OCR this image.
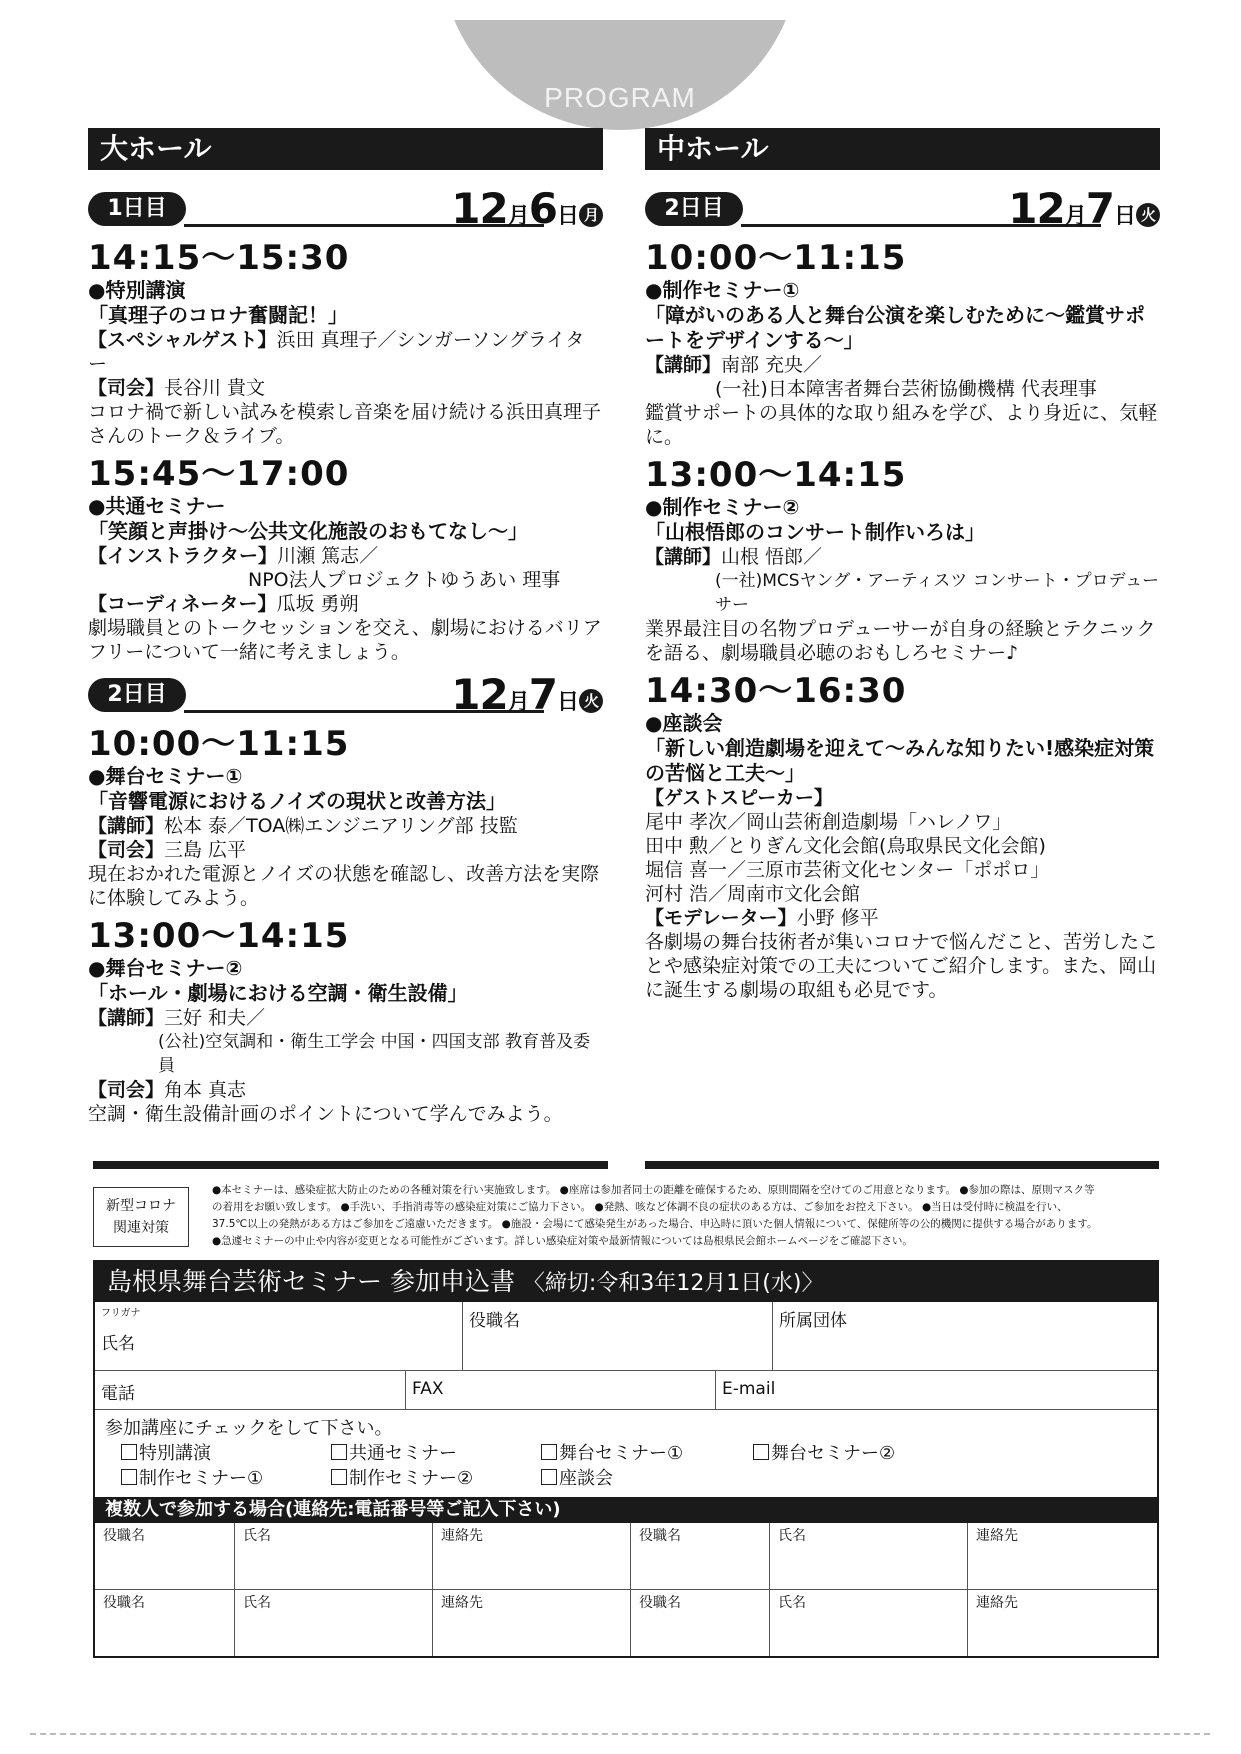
PROGRAM
大ホール
1日目	12月6日 月
14:15〜15:30
●特別講演
「真理子のコロナ奮闘記！」
【スペシャルゲスト】浜田 真理子／シンガーソングライター
【司会】長谷川 貴文
コロナ禍で新しい試みを模索し音楽を届け続ける浜田真理子さんのトーク＆ライブ。
15:45〜17:00
●共通セミナー
「笑顔と声掛け〜公共文化施設のおもてなし〜」
【インストラクター】川瀬 篤志／
NPO法人プロジェクトゆうあい 理事
【コーディネーター】瓜坂 勇朔
劇場職員とのトークセッションを交え、劇場におけるバリアフリーについて一緒に考えましょう。
2日目	12月7日 火
10:00〜11:15
●舞台セミナー①
「音響電源におけるノイズの現状と改善方法」
【講師】松本 泰／TOA㈱エンジニアリング部 技監
【司会】三島 広平
現在おかれた電源とノイズの状態を確認し、改善方法を実際に体験してみよう。
13:00〜14:15
●舞台セミナー②
「ホール・劇場における空調・衛生設備」
【講師】三好 和夫／
(公社)空気調和・衛生工学会 中国・四国支部 教育普及委員
【司会】角本 真志
空調・衛生設備計画のポイントについて学んでみよう。
中ホール
2日目	12月7日 火
10:00〜11:15
●制作セミナー①
「障がいのある人と舞台公演を楽しむために〜鑑賞サポートをデザインする〜」
【講師】南部 充央／
(一社)日本障害者舞台芸術協働機構 代表理事
鑑賞サポートの具体的な取り組みを学び、より身近に、気軽に。
13:00〜14:15
●制作セミナー②
「山根悟郎のコンサート制作いろは」
【講師】山根 悟郎／
(一社)MCSヤング・アーティスツ コンサート・プロデューサー
業界最注目の名物プロデューサーが自身の経験とテクニックを語る、劇場職員必聴のおもしろセミナー♪
14:30〜16:30
●座談会
「新しい創造劇場を迎えて〜みんな知りたい!感染症対策の苦悩と工夫〜」
【ゲストスピーカー】
尾中 孝次／岡山芸術創造劇場「ハレノワ」
田中 勲／とりぎん文化会館(鳥取県民文化会館)
堀信 喜一／三原市芸術文化センター「ポポロ」
河村 浩／周南市文化会館
【モデレーター】小野 修平
各劇場の舞台技術者が集いコロナで悩んだこと、苦労したことや感染症対策での工夫についてご紹介します。また、岡山に誕生する劇場の取組も必見です。
新型コロナ
関連対策
●本セミナーは、感染症拡大防止のための各種対策を行い実施致します。 ●座席は参加者同士の距離を確保するため、原則間隔を空けてのご用意となります。 ●参加の際は、原則マスク等
の着用をお願い致します。 ●手洗い、手指消毒等の感染症対策にご協力下さい。 ●発熱、咳など体調不良の症状のある方は、ご参加をお控え下さい。 ●当日は受付時に検温を行い、
37.5℃以上の発熱がある方はご参加をご遠慮いただきます。 ●施設・会場にて感染発生があった場合、申込時に頂いた個人情報について、保健所等の公的機関に提供する場合があります。
●急遽セミナーの中止や内容が変更となる可能性がございます。詳しい感染症対策や最新情報については島根県民会館ホームページをご確認下さい。
島根県舞台芸術セミナー 参加申込書 〈締切:令和3年12月1日(水)〉
フリガナ
氏名
役職名	所属団体
電話	FAX	E-mail
参加講座にチェックをして下さい。
特別講演	共通セミナー	舞台セミナー①	舞台セミナー②
制作セミナー①	制作セミナー②	座談会
複数人で参加する場合(連絡先:電話番号等ご記入下さい)
役職名	氏名	連絡先	役職名	氏名	連絡先
役職名	氏名	連絡先	役職名	氏名	連絡先
